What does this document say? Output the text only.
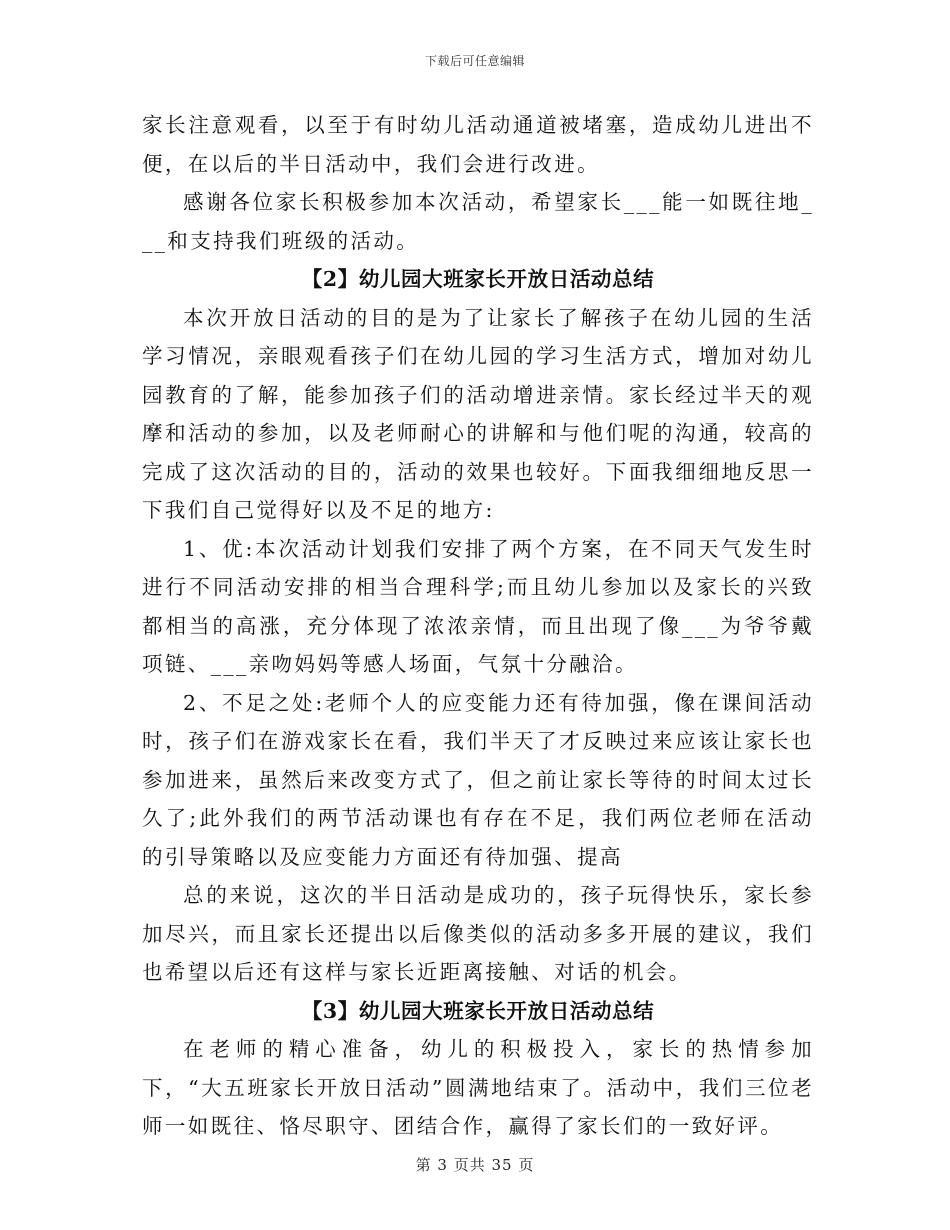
下载后可任意编辑

家长注意观看，以至于有时幼儿活动通道被堵塞，造成幼儿进出不便，在以后的半日活动中，我们会进行改进。

感谢各位家长积极参加本次活动，希望家长___能一如既往地___和支持我们班级的活动。

【2】幼儿园大班家长开放日活动总结

本次开放日活动的目的是为了让家长了解孩子在幼儿园的生活学习情况，亲眼观看孩子们在幼儿园的学习生活方式，增加对幼儿园教育的了解，能参加孩子们的活动增进亲情。家长经过半天的观摩和活动的参加，以及老师耐心的讲解和与他们呢的沟通，较高的完成了这次活动的目的，活动的效果也较好。下面我细细地反思一下我们自己觉得好以及不足的地方:

1、优:本次活动计划我们安排了两个方案，在不同天气发生时进行不同活动安排的相当合理科学;而且幼儿参加以及家长的兴致都相当的高涨，充分体现了浓浓亲情，而且出现了像___为爷爷戴项链、___亲吻妈妈等感人场面，气氛十分融洽。

2、不足之处:老师个人的应变能力还有待加强，像在课间活动时，孩子们在游戏家长在看，我们半天了才反映过来应该让家长也参加进来，虽然后来改变方式了，但之前让家长等待的时间太过长久了;此外我们的两节活动课也有存在不足，我们两位老师在活动的引导策略以及应变能力方面还有待加强、提高

总的来说，这次的半日活动是成功的，孩子玩得快乐，家长参加尽兴，而且家长还提出以后像类似的活动多多开展的建议，我们也希望以后还有这样与家长近距离接触、对话的机会。

【3】幼儿园大班家长开放日活动总结

在老师的精心准备，幼儿的积极投入，家长的热情参加下，“大五班家长开放日活动”圆满地结束了。活动中，我们三位老师一如既往、恪尽职守、团结合作，赢得了家长们的一致好评。

第 3 页共 35 页
